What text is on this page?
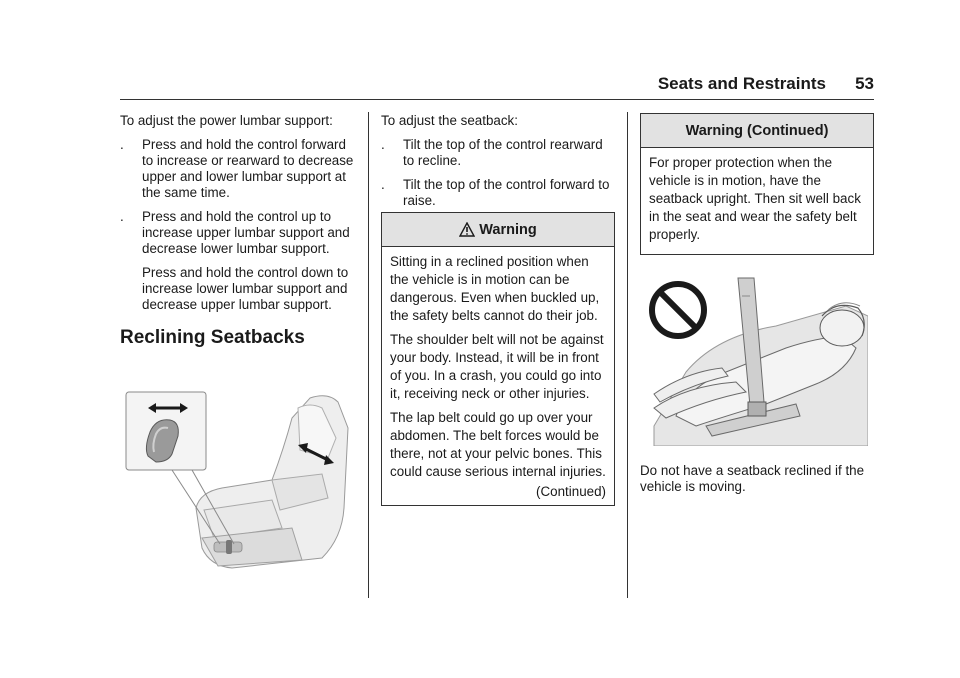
Seats and Restraints 53

To adjust the power lumbar support:

. Press and hold the control forward to increase or rearward to decrease upper and lower lumbar support at the same time.
. Press and hold the control up to increase upper lumbar support and decrease lower lumbar support.
Press and hold the control down to increase lower lumbar support and decrease upper lumbar support.
Reclining Seatbacks

To adjust the seatback:

. Tilt the top of the control rearward to recline.
. Tilt the top of the control forward to raise.
Warning

Sitting in a reclined position when the vehicle is in motion can be dangerous. Even when buckled up, the safety belts cannot do their job.

The shoulder belt will not be against your body. Instead, it will be in front of you. In a crash, you could go into it, receiving neck or other injuries.

The lap belt could go up over your abdomen. The belt forces would be there, not at your pelvic bones. This could cause serious internal injuries.

(Continued)
Warning (Continued)

For proper protection when the vehicle is in motion, have the seatback upright. Then sit well back in the seat and wear the safety belt properly.

Do not have a seatback reclined if the vehicle is moving.
